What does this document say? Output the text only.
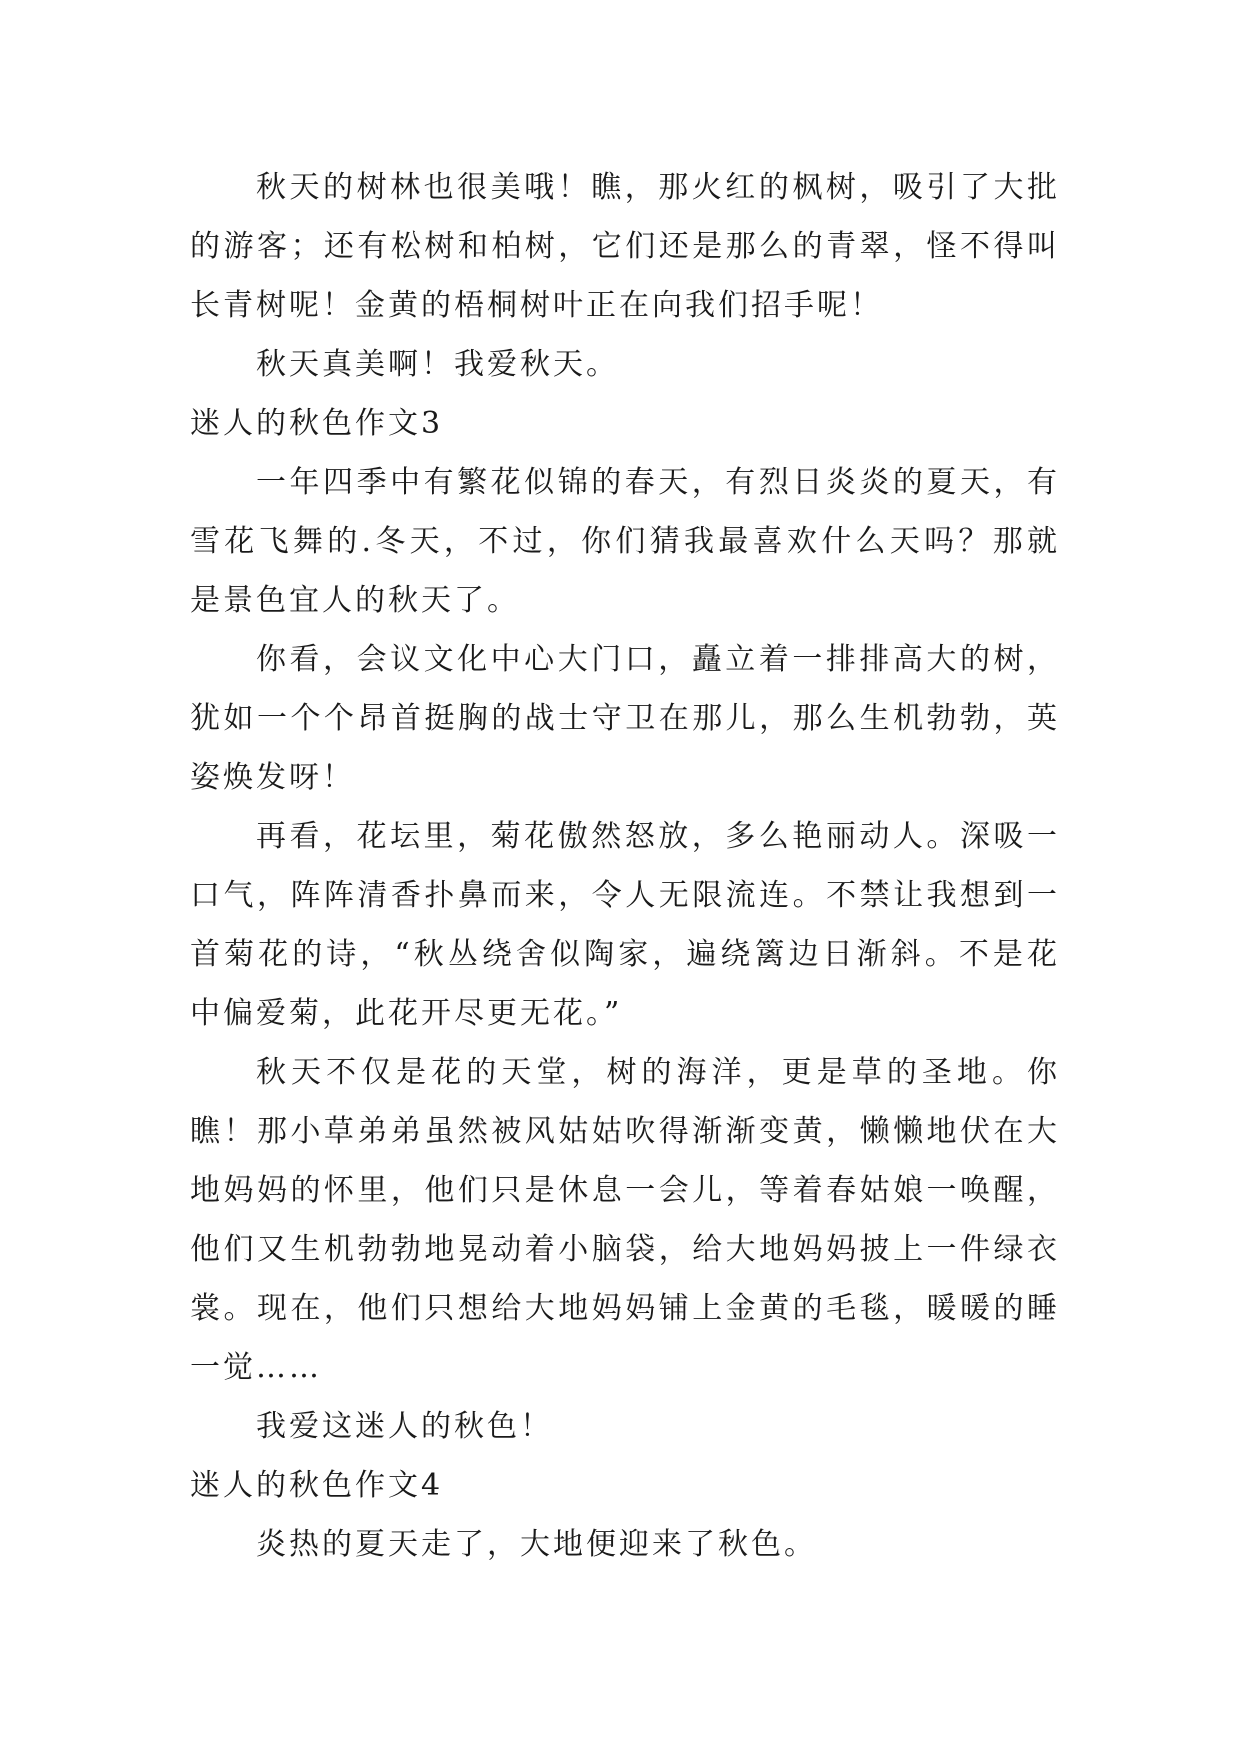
秋天的树林也很美哦！瞧，那火红的枫树，吸引了大批的游客；还有松树和柏树，它们还是那么的青翠，怪不得叫长青树呢！金黄的梧桐树叶正在向我们招手呢！

秋天真美啊！我爱秋天。

迷人的秋色作文3

一年四季中有繁花似锦的春天，有烈日炎炎的夏天，有雪花飞舞的.冬天，不过，你们猜我最喜欢什么天吗？那就是景色宜人的秋天了。

你看，会议文化中心大门口，矗立着一排排高大的树，犹如一个个昂首挺胸的战士守卫在那儿，那么生机勃勃，英姿焕发呀！

再看，花坛里，菊花傲然怒放，多么艳丽动人。深吸一口气，阵阵清香扑鼻而来，令人无限流连。不禁让我想到一首菊花的诗，“秋丛绕舍似陶家，遍绕篱边日渐斜。不是花中偏爱菊，此花开尽更无花。”

秋天不仅是花的天堂，树的海洋，更是草的圣地。你瞧！那小草弟弟虽然被风姑姑吹得渐渐变黄，懒懒地伏在大地妈妈的怀里，他们只是休息一会儿，等着春姑娘一唤醒，他们又生机勃勃地晃动着小脑袋，给大地妈妈披上一件绿衣裳。现在，他们只想给大地妈妈铺上金黄的毛毯，暖暖的睡一觉……

我爱这迷人的秋色！

迷人的秋色作文4

炎热的夏天走了，大地便迎来了秋色。
